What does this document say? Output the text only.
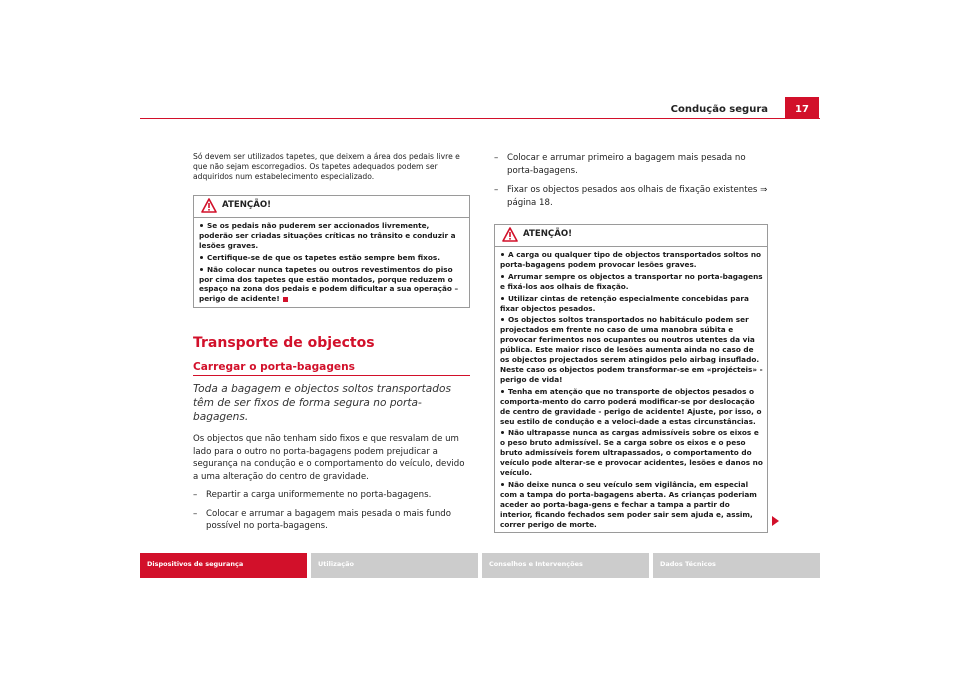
Condução segura	17

Só devem ser utilizados tapetes, que deixem a área dos pedais livre e que não sejam escorregadios. Os tapetes adequados podem ser adquiridos num estabelecimento especializado.

ATENÇÃO!

Se os pedais não puderem ser accionados livremente, poderão ser criadas situações críticas no trânsito e conduzir a lesões graves.

Certifique-se de que os tapetes estão sempre bem fixos.

Não colocar nunca tapetes ou outros revestimentos do piso por cima dos tapetes que estão montados, porque reduzem o espaço na zona dos pedais e podem dificultar a sua operação – perigo de acidente!

Transporte de objectos
Carregar o porta-bagagens

Toda a bagagem e objectos soltos transportados têm de ser fixos de forma segura no porta-bagagens.

Os objectos que não tenham sido fixos e que resvalam de um lado para o outro no porta-bagagens podem prejudicar a segurança na condução e o comportamento do veículo, devido a uma alteração do centro de gravidade.

– Repartir a carga uniformemente no porta-bagagens.

– Colocar e arrumar a bagagem mais pesada o mais fundo possível no porta-bagagens.

– Colocar e arrumar primeiro a bagagem mais pesada no porta-bagagens.

– Fixar os objectos pesados aos olhais de fixação existentes ⇒ página 18.

ATENÇÃO!

A carga ou qualquer tipo de objectos transportados soltos no porta-bagagens podem provocar lesões graves.

Arrumar sempre os objectos a transportar no porta-bagagens e fixá-los aos olhais de fixação.

Utilizar cintas de retenção especialmente concebidas para fixar objectos pesados.

Os objectos soltos transportados no habitáculo podem ser projectados em frente no caso de uma manobra súbita e provocar ferimentos nos ocupantes ou noutros utentes da via pública. Este maior risco de lesões aumenta ainda no caso de os objectos projectados serem atingidos pelo airbag insuflado. Neste caso os objectos podem transformar-se em «projécteis» - perigo de vida!

Tenha em atenção que no transporte de objectos pesados o comporta-mento do carro poderá modificar-se por deslocação de centro de gravidade - perigo de acidente! Ajuste, por isso, o seu estilo de condução e a veloci-dade a estas circunstâncias.

Não ultrapasse nunca as cargas admissíveis sobre os eixos e o peso bruto admissível. Se a carga sobre os eixos e o peso bruto admissíveis forem ultrapassados, o comportamento do veículo pode alterar-se e provocar acidentes, lesões e danos no veículo.

Não deixe nunca o seu veículo sem vigilância, em especial com a tampa do porta-bagagens aberta. As crianças poderiam aceder ao porta-baga-gens e fechar a tampa a partir do interior, ficando fechados sem poder sair sem ajuda e, assim, correr perigo de morte.

Dispositivos de segurança	Utilização	Conselhos e Intervenções	Dados Técnicos
